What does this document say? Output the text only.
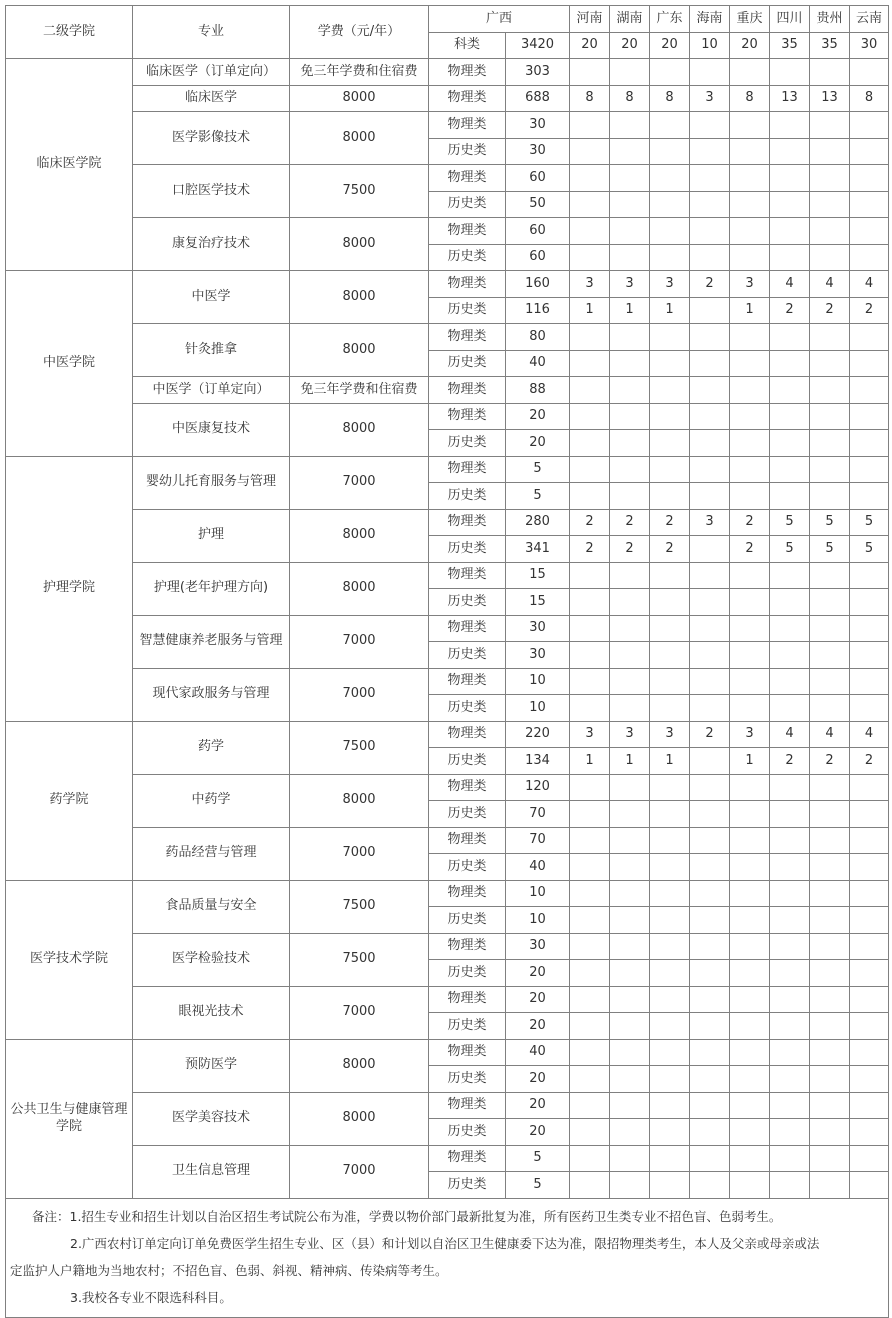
二级学院	专业	学费（元/年）	广西		河南	湖南	广东	海南	重庆	四川	贵州	云南
			科类	3420	20	20	20	10	20	35	35	30
临床医学院	临床医学（订单定向）	免三年学费和住宿费	物理类	303								
	临床医学	8000	物理类	688	8	8	8	3	8	13	13	8
	医学影像技术	8000	物理类	30								
			历史类	30								
	口腔医学技术	7500	物理类	60								
			历史类	50								
	康复治疗技术	8000	物理类	60								
			历史类	60								
中医学院	中医学	8000	物理类	160	3	3	3	2	3	4	4	4
			历史类	116	1	1	1		1	2	2	2
	针灸推拿	8000	物理类	80								
			历史类	40								
	中医学（订单定向）	免三年学费和住宿费	物理类	88								
	中医康复技术	8000	物理类	20								
			历史类	20								
护理学院	婴幼儿托育服务与管理	7000	物理类	5								
			历史类	5								
	护理	8000	物理类	280	2	2	2	3	2	5	5	5
			历史类	341	2	2	2		2	5	5	5
	护理(老年护理方向)	8000	物理类	15								
			历史类	15								
	智慧健康养老服务与管理	7000	物理类	30								
			历史类	30								
	现代家政服务与管理	7000	物理类	10								
			历史类	10								
药学院	药学	7500	物理类	220	3	3	3	2	3	4	4	4
			历史类	134	1	1	1		1	2	2	2
	中药学	8000	物理类	120								
			历史类	70								
	药品经营与管理	7000	物理类	70								
			历史类	40								
医学技术学院	食品质量与安全	7500	物理类	10								
			历史类	10								
	医学检验技术	7500	物理类	30								
			历史类	20								
	眼视光技术	7000	物理类	20								
			历史类	20								
公共卫生与健康管理学院	预防医学	8000	物理类	40								
			历史类	20								
	医学美容技术	8000	物理类	20								
			历史类	20								
	卫生信息管理	7000	物理类	5								
			历史类	5								

备注：1.招生专业和招生计划以自治区招生考试院公布为准，学费以物价部门最新批复为准，所有医药卫生类专业不招色盲、色弱考生。
2.广西农村订单定向订单免费医学生招生专业、区（县）和计划以自治区卫生健康委下达为准，限招物理类考生，本人及父亲或母亲或法
定监护人户籍地为当地农村；不招色盲、色弱、斜视、精神病、传染病等考生。
3.我校各专业不限选科科目。												
